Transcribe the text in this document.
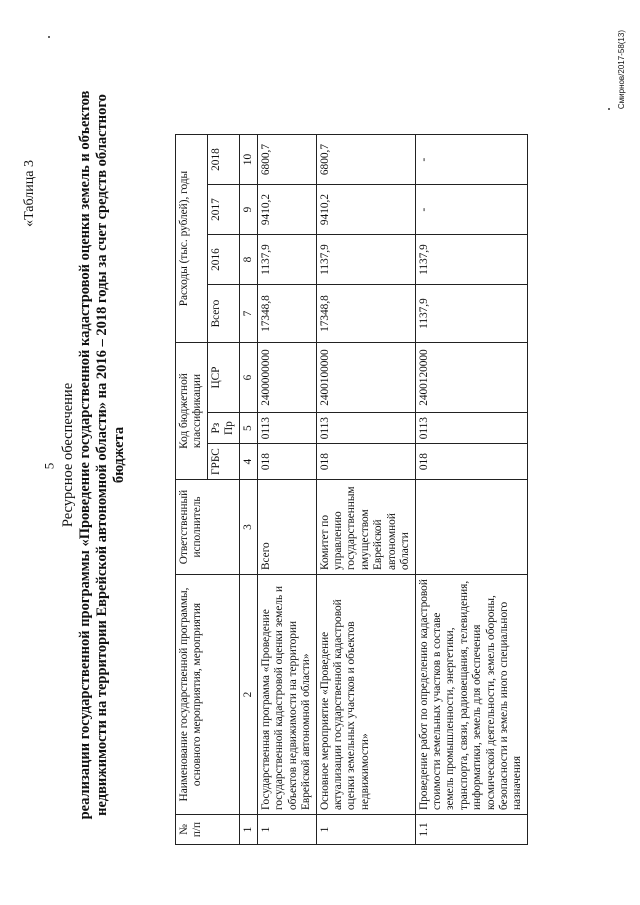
5
«Таблица 3
Ресурсное обеспечение реализации государственной программы «Проведение государственной кадастровой оценки земель и объектов недвижимости на территории Еврейской автономной области» на 2016 – 2018 годы за счет средств областного бюджета
№ п/п	Наименование государственной программы, основного мероприятия, мероприятия	Ответственный исполнитель	Код бюджетной классификации			Расходы (тыс. рублей), годы			
			ГРБС	Рз Пр	ЦСР	Всего	2016	2017	2018
1	2	3	4	5	6	7	8	9	10
1	Государственная программа «Проведение государственной кадастровой оценки земель и объектов недвижимости на территории Еврейской автономной области»	Всего	018	0113	2400000000	17348,8	1137,9	9410,2	6800,7
1	Основное мероприятие «Проведение актуализации государственной кадастровой оценки земельных участков и объектов недвижимости»	Комитет по управлению государственным имуществом Еврейской автономной области	018	0113	2400100000	17348,8	1137,9	9410,2	6800,7
1.1	Проведение работ по определению кадастровой стоимости земельных участков в составе земель промышленности, энергетики, транспорта, связи, радиовещания, телевидения, информатики, земель для обеспечения космической деятельности, земель обороны, безопасности и земель иного специального назначения		018	0113	2400120000	1137,9	1137,9	-	-
Смирнов/2017-58(13)
